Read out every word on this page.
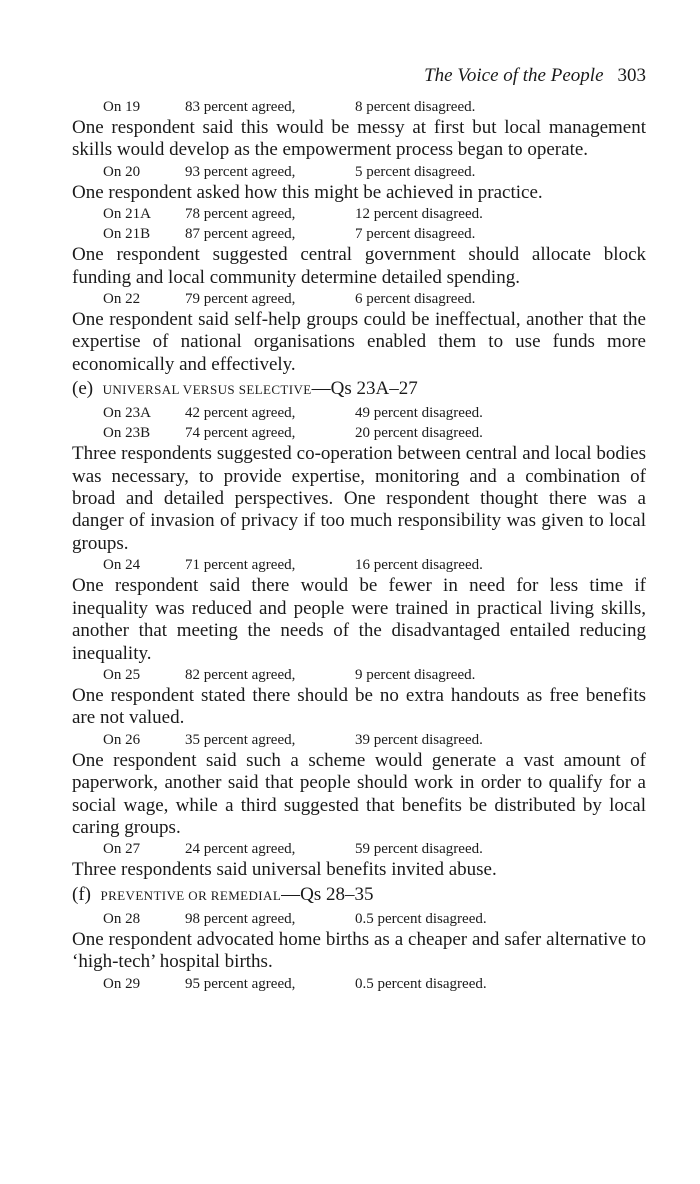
The Voice of the People 303
On 19	83 percent agreed,	8 percent disagreed.

One respondent said this would be messy at first but local management skills would develop as the empowerment process began to operate.

On 20	93 percent agreed,	5 percent disagreed.

One respondent asked how this might be achieved in practice.

On 21A	78 percent agreed,	12 percent disagreed.
On 21B	87 percent agreed,	7 percent disagreed.

One respondent suggested central government should allocate block funding and local community determine detailed spending.

On 22	79 percent agreed,	6 percent disagreed.

One respondent said self-help groups could be ineffectual, another that the expertise of national organisations enabled them to use funds more economically and effectively.

(e)  UNIVERSAL VERSUS SELECTIVE—Qs 23A–27
On 23A	42 percent agreed,	49 percent disagreed.
On 23B	74 percent agreed,	20 percent disagreed.

Three respondents suggested co-operation between central and local bodies was necessary, to provide expertise, monitoring and a combination of broad and detailed perspectives. One respondent thought there was a danger of invasion of privacy if too much responsibility was given to local groups.

On 24	71 percent agreed,	16 percent disagreed.

One respondent said there would be fewer in need for less time if inequality was reduced and people were trained in practical living skills, another that meeting the needs of the disadvantaged entailed reducing inequality.

On 25	82 percent agreed,	9 percent disagreed.

One respondent stated there should be no extra handouts as free benefits are not valued.

On 26	35 percent agreed,	39 percent disagreed.

One respondent said such a scheme would generate a vast amount of paperwork, another said that people should work in order to qualify for a social wage, while a third suggested that benefits be distributed by local caring groups.

On 27	24 percent agreed,	59 percent disagreed.

Three respondents said universal benefits invited abuse.

(f)  PREVENTIVE OR REMEDIAL—Qs 28–35
On 28	98 percent agreed,	0.5 percent disagreed.

One respondent advocated home births as a cheaper and safer alternative to ‘high-tech’ hospital births.

On 29	95 percent agreed,	0.5 percent disagreed.
